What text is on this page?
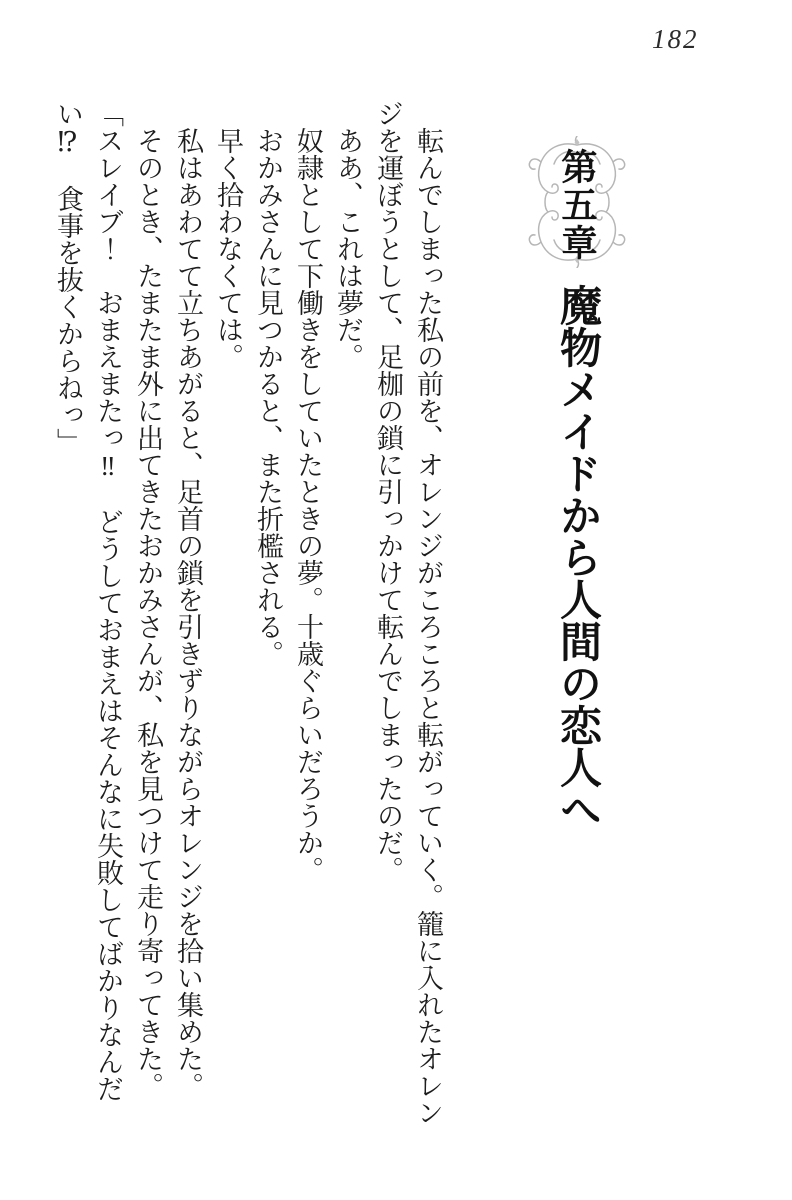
182
第五章魔物メイドから人間の恋人へ
転んでしまった私の前を、オレンジがころころと転がっていく。籠に入れたオレン
ジを運ぼうとして、足枷の鎖に引っかけて転んでしまったのだ。
ああ、これは夢だ。
奴隷として下働きをしていたときの夢。十歳ぐらいだろうか。
おかみさんに見つかると、また折檻される。
早く拾わなくては。
私はあわてて立ちあがると、足首の鎖を引きずりながらオレンジを拾い集めた。
そのとき、たまたま外に出てきたおかみさんが、私を見つけて走り寄ってきた。
「スレイブ！　おまえまたっ‼　どうしておまえはそんなに失敗してばかりなんだ
い⁉　食事を抜くからねっ」
